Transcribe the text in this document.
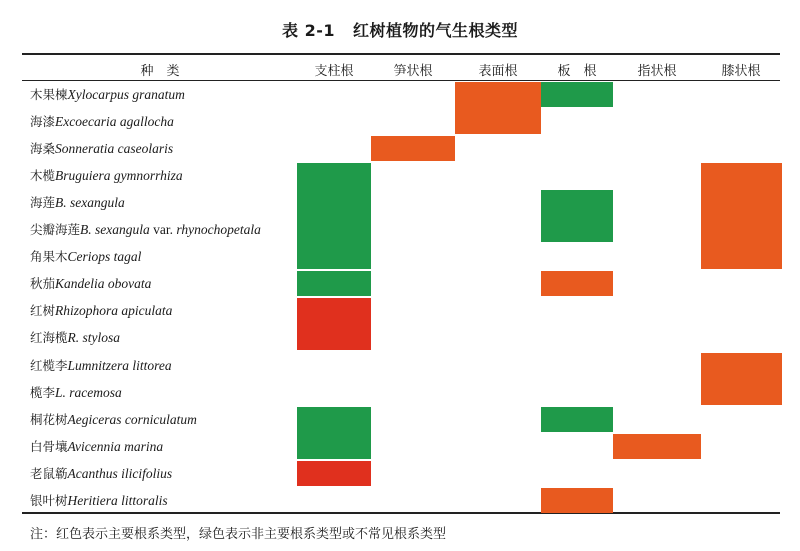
表 2-1 红树植物的气生根类型
种　类	支柱根	笋状根	表面根	板　根	指状根	膝状根
木果楝Xylocarpus granatum
海漆Excoecaria agallocha
海桑Sonneratia caseolaris
木榄Bruguiera gymnorrhiza
海莲B. sexangula
尖瓣海莲B. sexangula var. rhynochopetala
角果木Ceriops tagal
秋茄Kandelia obovata
红树Rhizophora apiculata
红海榄R. stylosa
红榄李Lumnitzera littorea
榄李L. racemosa
桐花树Aegiceras corniculatum
白骨壤Avicennia marina
老鼠簕Acanthus ilicifolius
银叶树Heritiera littoralis
注：红色表示主要根系类型，绿色表示非主要根系类型或不常见根系类型
